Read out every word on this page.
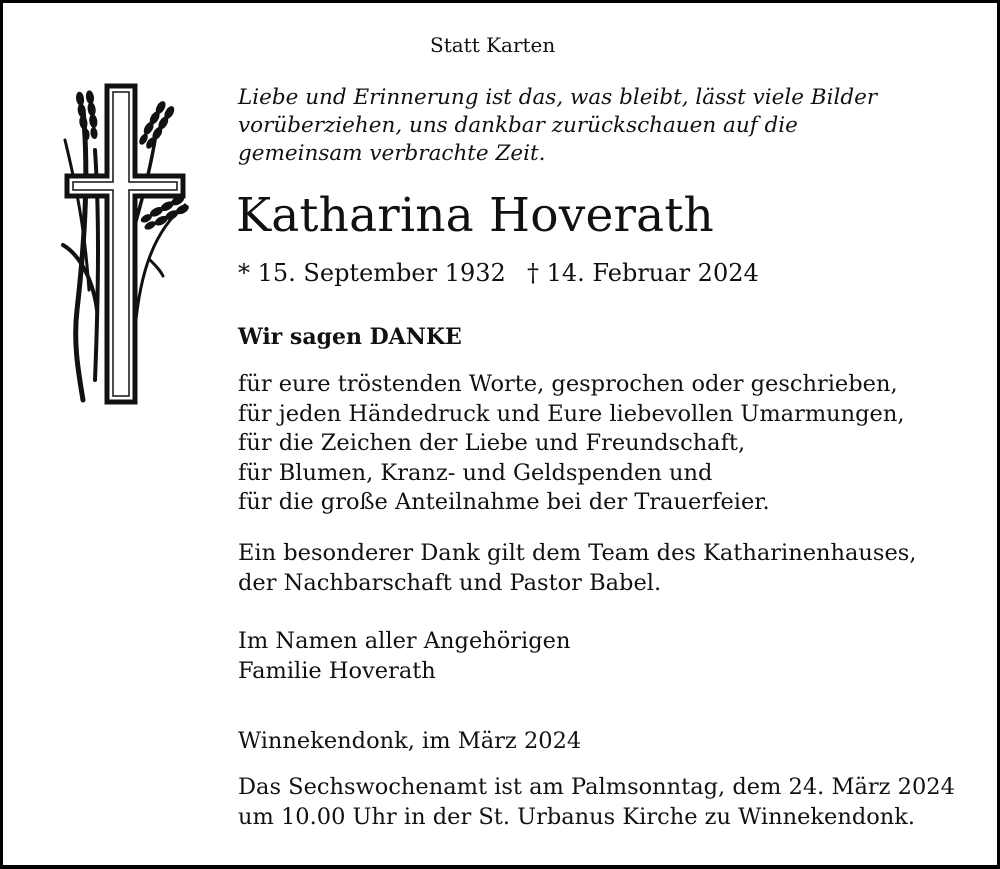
Statt Karten
Liebe und Erinnerung ist das, was bleibt, lässt viele Bilder
vorüberziehen, uns dankbar zurückschauen auf die
gemeinsam verbrachte Zeit.
Katharina Hoverath
* 15. September 1932 † 14. Februar 2024
Wir sagen DANKE
für eure tröstenden Worte, gesprochen oder geschrieben,
für jeden Händedruck und Eure liebevollen Umarmungen,
für die Zeichen der Liebe und Freundschaft,
für Blumen, Kranz- und Geldspenden und
für die große Anteilnahme bei der Trauerfeier.
Ein besonderer Dank gilt dem Team des Katharinenhauses,
der Nachbarschaft und Pastor Babel.
Im Namen aller Angehörigen
Familie Hoverath
Winnekendonk, im März 2024
Das Sechswochenamt ist am Palmsonntag, dem 24. März 2024
um 10.00 Uhr in der St. Urbanus Kirche zu Winnekendonk.
